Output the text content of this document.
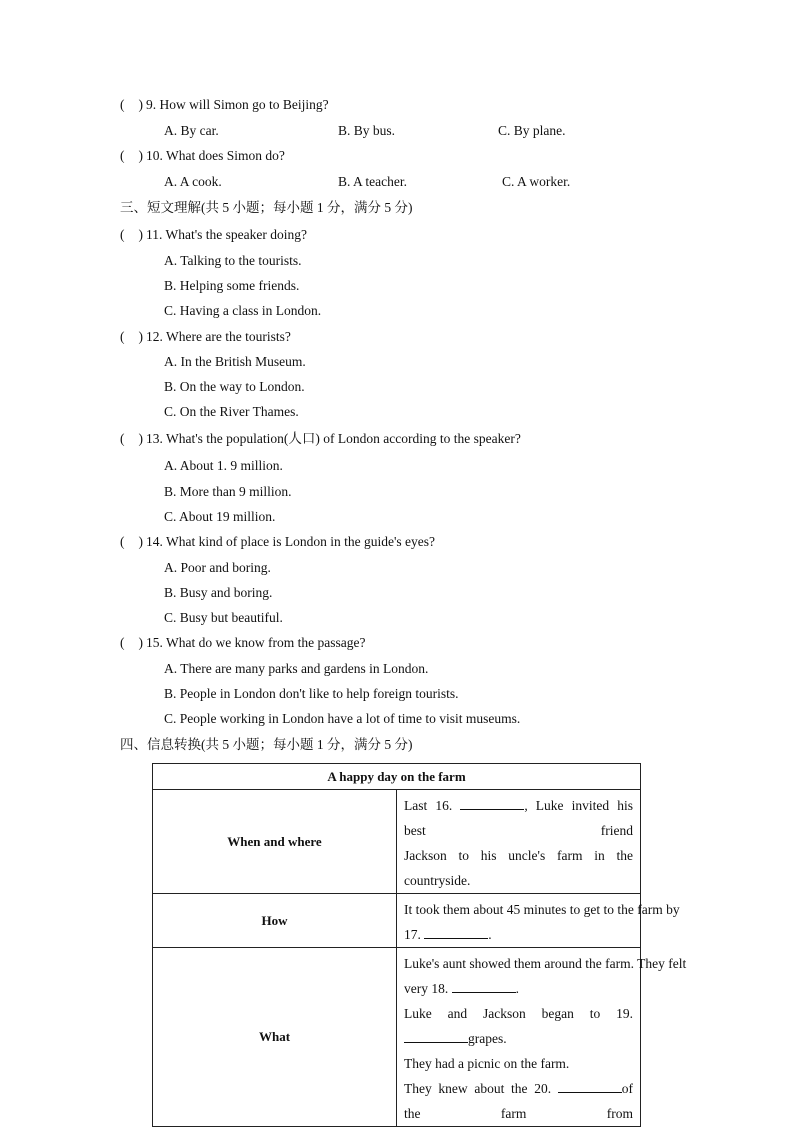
( ) 9. How will Simon go to Beijing?
A. By car.	B. By bus.	C. By plane.
( ) 10. What does Simon do?
A. A cook.	B. A teacher.	C. A worker.
三、短文理解(共 5 小题；每小题 1 分，满分 5 分)
( ) 11. What's the speaker doing?
A. Talking to the tourists.
B. Helping some friends.
C. Having a class in London.
( ) 12. Where are the tourists?
A. In the British Museum.
B. On the way to London.
C. On the River Thames.
( ) 13. What's the population(人口) of London according to the speaker?
A. About 1. 9 million.
B. More than 9 million.
C. About 19 million.
( ) 14. What kind of place is London in the guide's eyes?
A. Poor and boring.
B. Busy and boring.
C. Busy but beautiful.
( ) 15. What do we know from the passage?
A. There are many parks and gardens in London.
B. People in London don't like to help foreign tourists.
C. People working in London have a lot of time to visit museums.
四、信息转换(共 5 小题；每小题 1 分，满分 5 分)
A happy day on the farm	
When and where	Last 16. , Luke invited his best friend

Jackson to his uncle's farm in the countryside.

How	It took them about 45 minutes to get to the farm by

17. .

What	Luke's aunt showed them around the farm. They felt

very 18. .

Luke and Jackson began to 19. grapes.

They had a picnic on the farm.

They knew about the 20. of the farm from
